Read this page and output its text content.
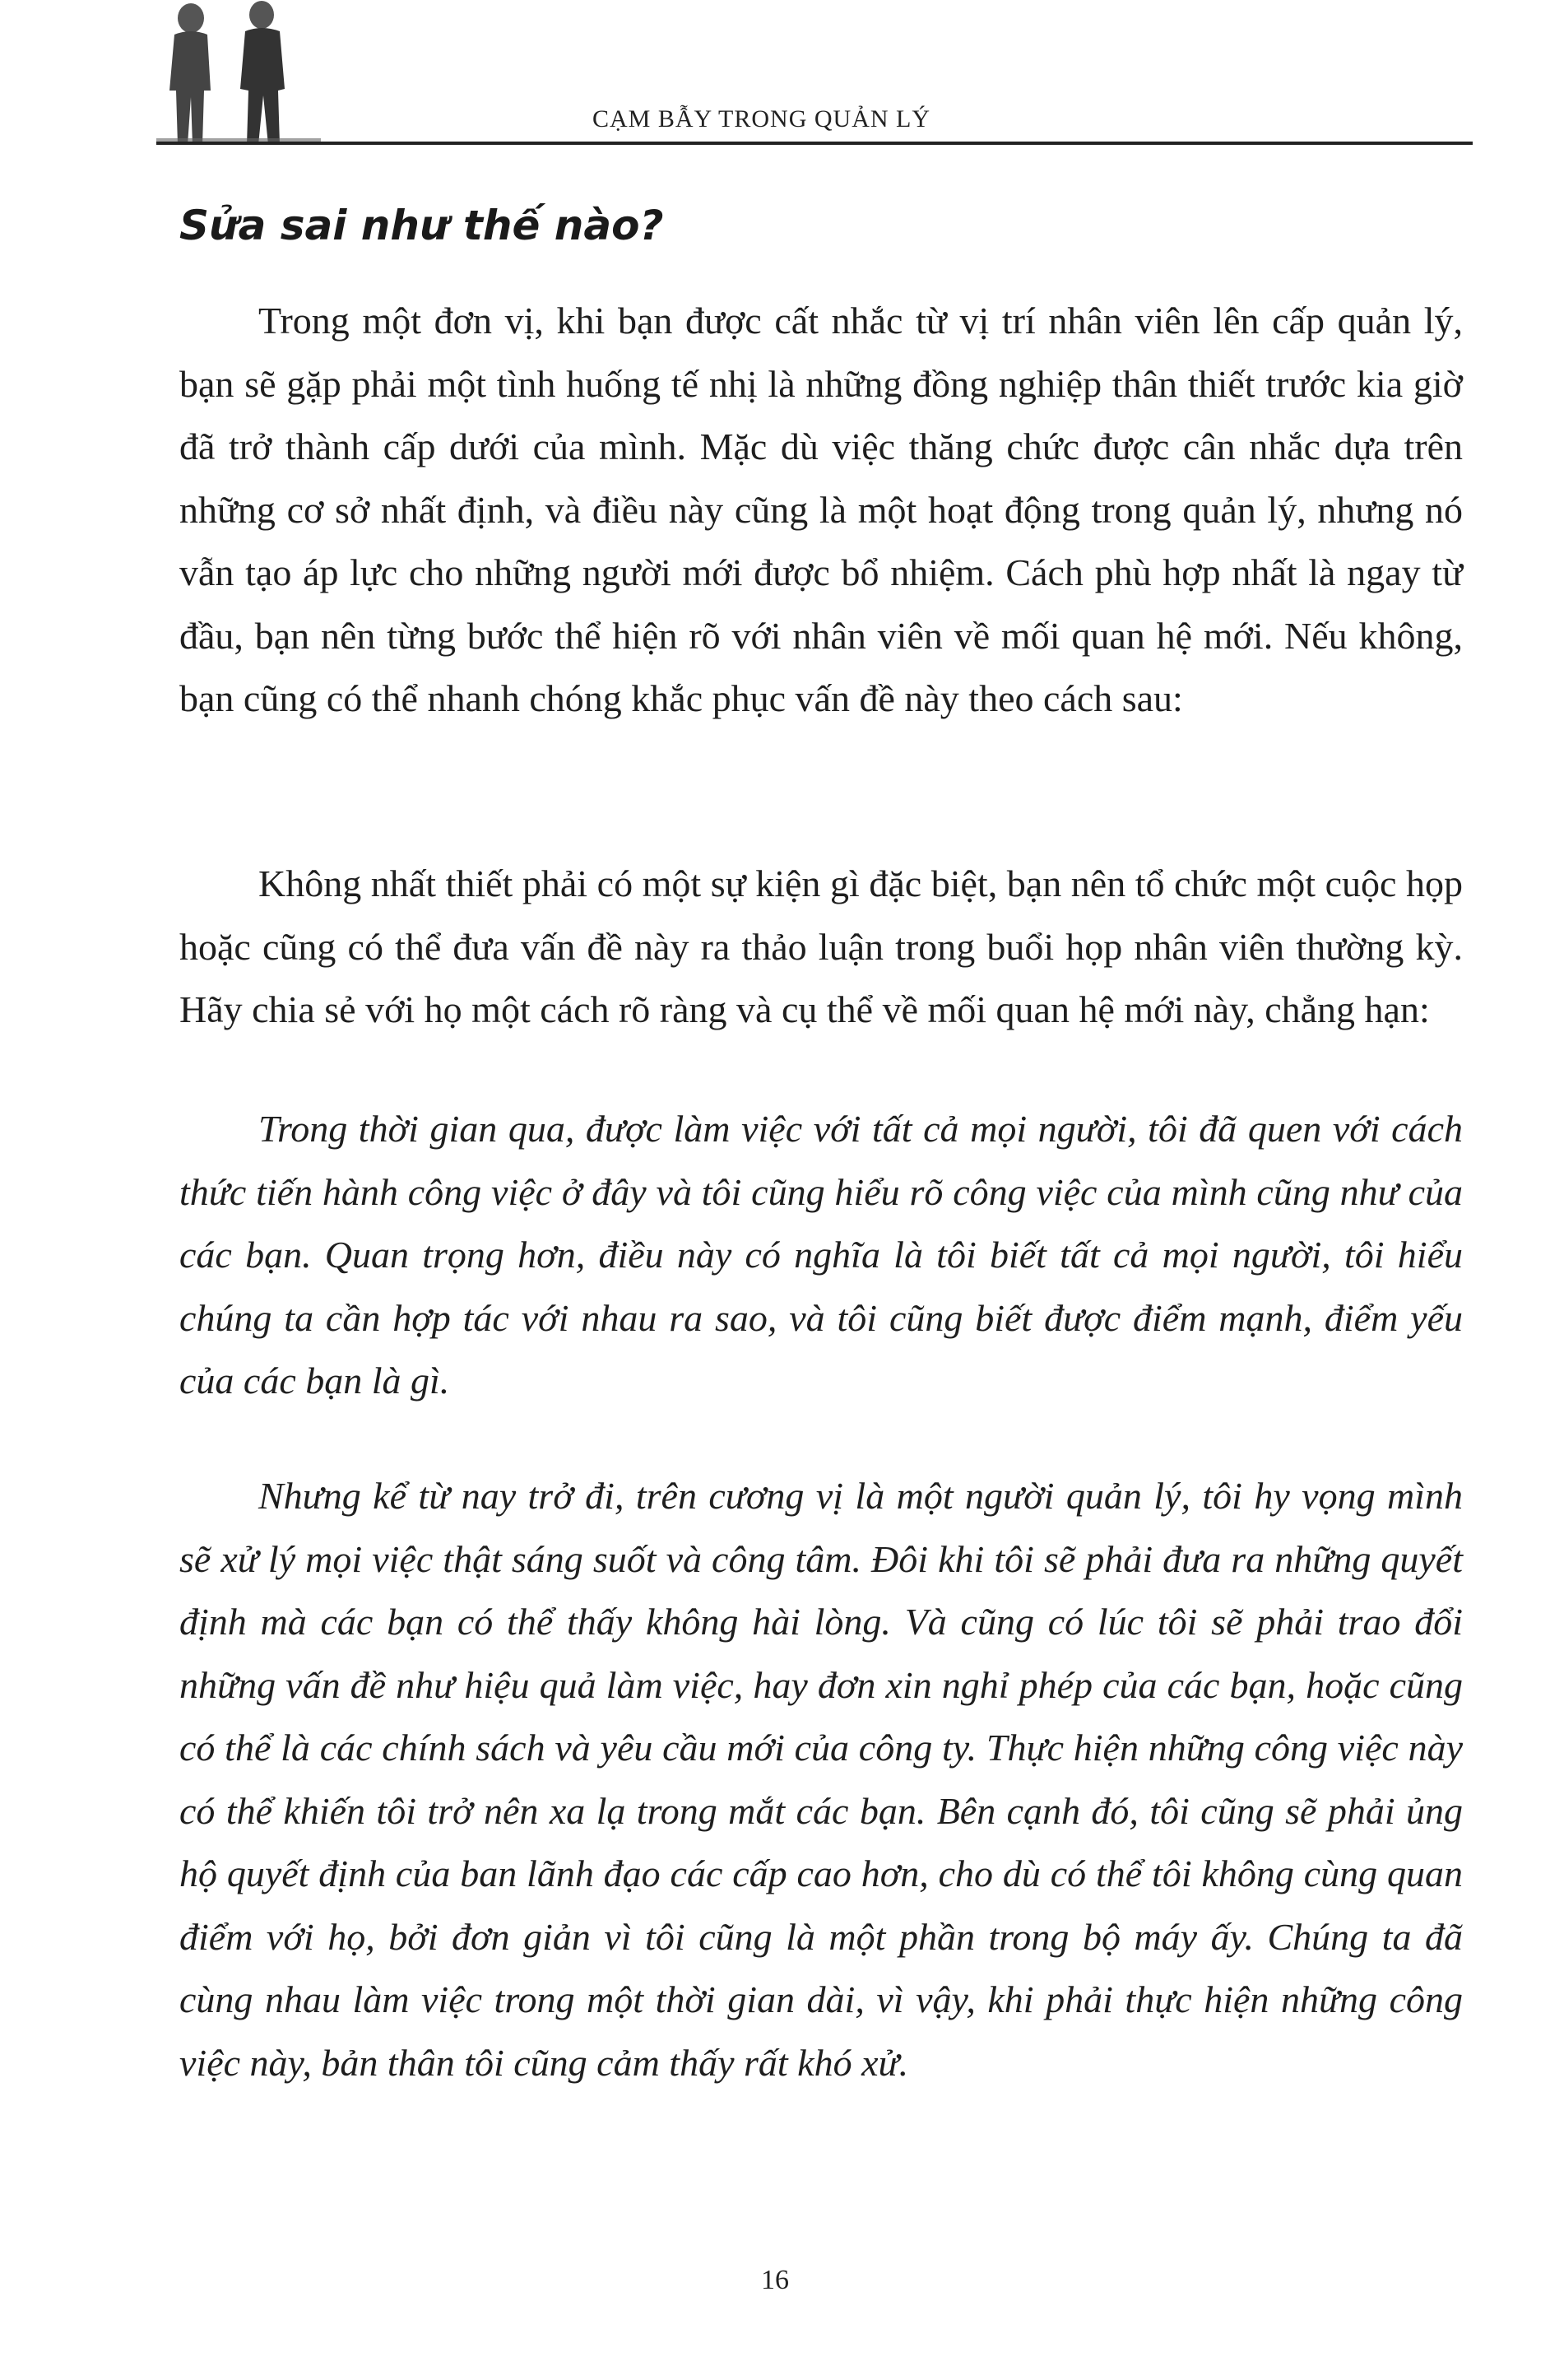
CẠM BẪY TRONG QUẢN LÝ
Sửa sai như thế nào?

Trong một đơn vị, khi bạn được cất nhắc từ vị trí nhân viên lên cấp quản lý, bạn sẽ gặp phải một tình huống tế nhị là những đồng nghiệp thân thiết trước kia giờ đã trở thành cấp dưới của mình. Mặc dù việc thăng chức được cân nhắc dựa trên những cơ sở nhất định, và điều này cũng là một hoạt động trong quản lý, nhưng nó vẫn tạo áp lực cho những người mới được bổ nhiệm. Cách phù hợp nhất là ngay từ đầu, bạn nên từng bước thể hiện rõ với nhân viên về mối quan hệ mới. Nếu không, bạn cũng có thể nhanh chóng khắc phục vấn đề này theo cách sau:

Không nhất thiết phải có một sự kiện gì đặc biệt, bạn nên tổ chức một cuộc họp hoặc cũng có thể đưa vấn đề này ra thảo luận trong buổi họp nhân viên thường kỳ. Hãy chia sẻ với họ một cách rõ ràng và cụ thể về mối quan hệ mới này, chẳng hạn:

Trong thời gian qua, được làm việc với tất cả mọi người, tôi đã quen với cách thức tiến hành công việc ở đây và tôi cũng hiểu rõ công việc của mình cũng như của các bạn. Quan trọng hơn, điều này có nghĩa là tôi biết tất cả mọi người, tôi hiểu chúng ta cần hợp tác với nhau ra sao, và tôi cũng biết được điểm mạnh, điểm yếu của các bạn là gì.

Nhưng kể từ nay trở đi, trên cương vị là một người quản lý, tôi hy vọng mình sẽ xử lý mọi việc thật sáng suốt và công tâm. Đôi khi tôi sẽ phải đưa ra những quyết định mà các bạn có thể thấy không hài lòng. Và cũng có lúc tôi sẽ phải trao đổi những vấn đề như hiệu quả làm việc, hay đơn xin nghỉ phép của các bạn, hoặc cũng có thể là các chính sách và yêu cầu mới của công ty. Thực hiện những công việc này có thể khiến tôi trở nên xa lạ trong mắt các bạn. Bên cạnh đó, tôi cũng sẽ phải ủng hộ quyết định của ban lãnh đạo các cấp cao hơn, cho dù có thể tôi không cùng quan điểm với họ, bởi đơn giản vì tôi cũng là một phần trong bộ máy ấy. Chúng ta đã cùng nhau làm việc trong một thời gian dài, vì vậy, khi phải thực hiện những công việc này, bản thân tôi cũng cảm thấy rất khó xử.

16
